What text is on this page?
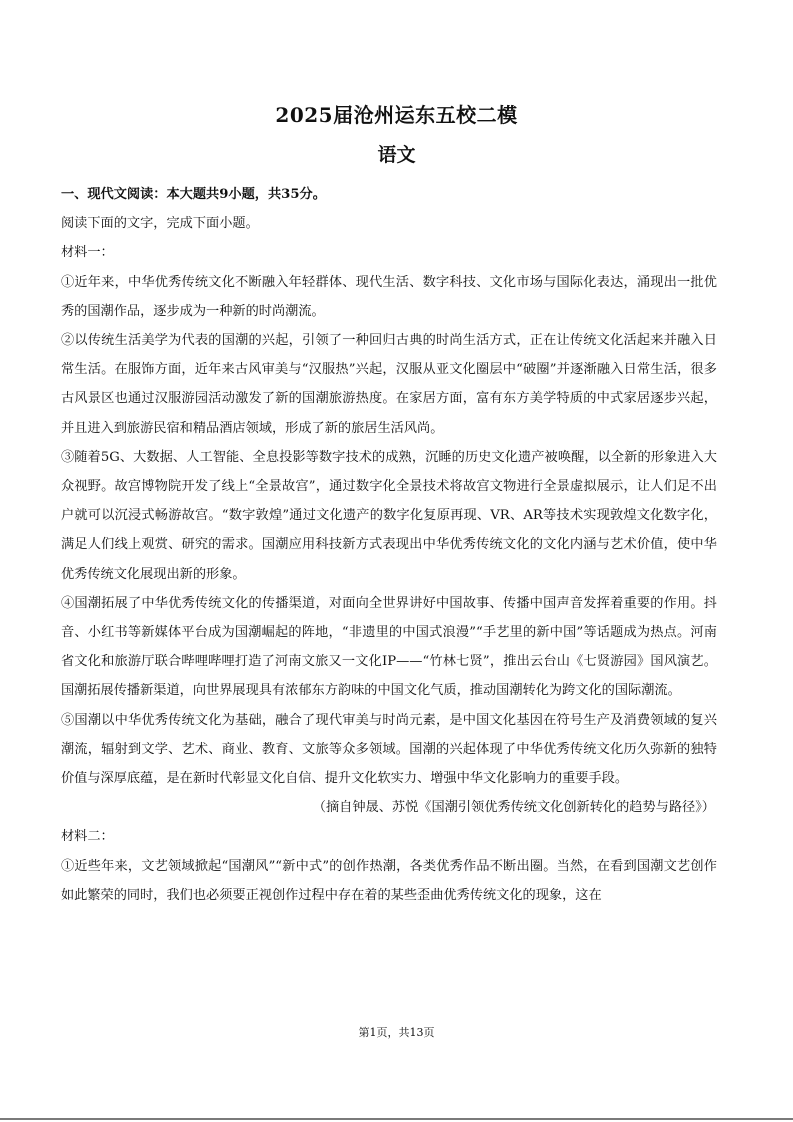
2025届沧州运东五校二模
语文

一、现代文阅读：本大题共9小题，共35分。

阅读下面的文字，完成下面小题。

材料一：

①近年来，中华优秀传统文化不断融入年轻群体、现代生活、数字科技、文化市场与国际化表达，涌现出一批优秀的国潮作品，逐步成为一种新的时尚潮流。

②以传统生活美学为代表的国潮的兴起，引领了一种回归古典的时尚生活方式，正在让传统文化活起来并融入日常生活。在服饰方面，近年来古风审美与“汉服热”兴起，汉服从亚文化圈层中“破圈”并逐渐融入日常生活，很多古风景区也通过汉服游园活动激发了新的国潮旅游热度。在家居方面，富有东方美学特质的中式家居逐步兴起，并且进入到旅游民宿和精品酒店领域，形成了新的旅居生活风尚。

③随着5G、大数据、人工智能、全息投影等数字技术的成熟，沉睡的历史文化遗产被唤醒，以全新的形象进入大众视野。故宫博物院开发了线上“全景故宫”，通过数字化全景技术将故宫文物进行全景虚拟展示，让人们足不出户就可以沉浸式畅游故宫。“数字敦煌”通过文化遗产的数字化复原再现、VR、AR等技术实现敦煌文化数字化，满足人们线上观赏、研究的需求。国潮应用科技新方式表现出中华优秀传统文化的文化内涵与艺术价值，使中华优秀传统文化展现出新的形象。

④国潮拓展了中华优秀传统文化的传播渠道，对面向全世界讲好中国故事、传播中国声音发挥着重要的作用。抖音、小红书等新媒体平台成为国潮崛起的阵地，“非遗里的中国式浪漫”“手艺里的新中国”等话题成为热点。河南省文化和旅游厅联合哔哩哔哩打造了河南文旅又一文化IP——“竹林七贤”，推出云台山《七贤游园》国风演艺。国潮拓展传播新渠道，向世界展现具有浓郁东方韵味的中国文化气质，推动国潮转化为跨文化的国际潮流。

⑤国潮以中华优秀传统文化为基础，融合了现代审美与时尚元素，是中国文化基因在符号生产及消费领域的复兴潮流，辐射到文学、艺术、商业、教育、文旅等众多领域。国潮的兴起体现了中华优秀传统文化历久弥新的独特价值与深厚底蕴，是在新时代彰显文化自信、提升文化软实力、增强中华文化影响力的重要手段。

（摘自钟晟、苏悦《国潮引领优秀传统文化创新转化的趋势与路径》）

材料二：

①近些年来，文艺领域掀起“国潮风”“新中式”的创作热潮，各类优秀作品不断出圈。当然，在看到国潮文艺创作如此繁荣的同时，我们也必须要正视创作过程中存在着的某些歪曲优秀传统文化的现象，这在

第1页，共13页
